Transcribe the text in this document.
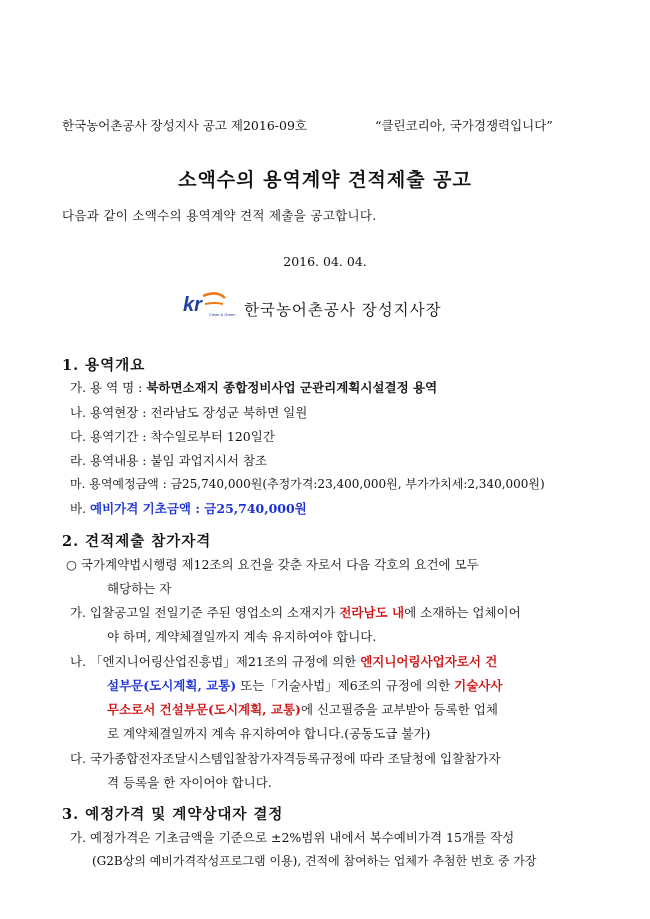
한국농어촌공사 장성지사 공고 제2016-09호	“클린코리아, 국가경쟁력입니다”
소액수의 용역계약 견적제출 공고
다음과 같이 소액수의 용역계약 견적 제출을 공고합니다.
2016. 04. 04.
kr	Clean & Green 한국농어촌공사 장성지사장
1. 용역개요
가. 용 역 명 : 북하면소재지 종합정비사업 군관리계획시설결정 용역
나. 용역현장 : 전라남도 장성군 북하면 일원
다. 용역기간 : 착수일로부터 120일간
라. 용역내용 : 붙임 과업지시서 참조
마. 용역예정금액 : 금25,740,000원(추정가격:23,400,000원, 부가가치세:2,340,000원)
바. 예비가격 기초금액 : 금25,740,000원
2. 견적제출 참가자격
○ 국가계약법시행령 제12조의 요건을 갖춘 자로서 다음 각호의 요건에 모두
해당하는 자
가. 입찰공고일 전일기준 주된 영업소의 소재지가 전라남도 내에 소재하는 업체이어
야 하며, 계약체결일까지 계속 유지하여야 합니다.
나. 「엔지니어링산업진흥법」제21조의 규정에 의한 엔지니어링사업자로서 건
설부문(도시계획, 교통) 또는「기술사법」제6조의 규정에 의한 기술사사
무소로서 건설부문(도시계획, 교통)에 신고필증을 교부받아 등록한 업체
로 계약체결일까지 계속 유지하여야 합니다.(공동도급 불가)
다. 국가종합전자조달시스템입찰참가자격등록규정에 따라 조달청에 입찰참가자
격 등록을 한 자이어야 합니다.
3. 예정가격 및 계약상대자 결정
가. 예정가격은 기초금액을 기준으로 ±2%범위 내에서 복수예비가격 15개를 작성
(G2B상의 예비가격작성프로그램 이용), 견적에 참여하는 업체가 추첨한 번호 중 가장
